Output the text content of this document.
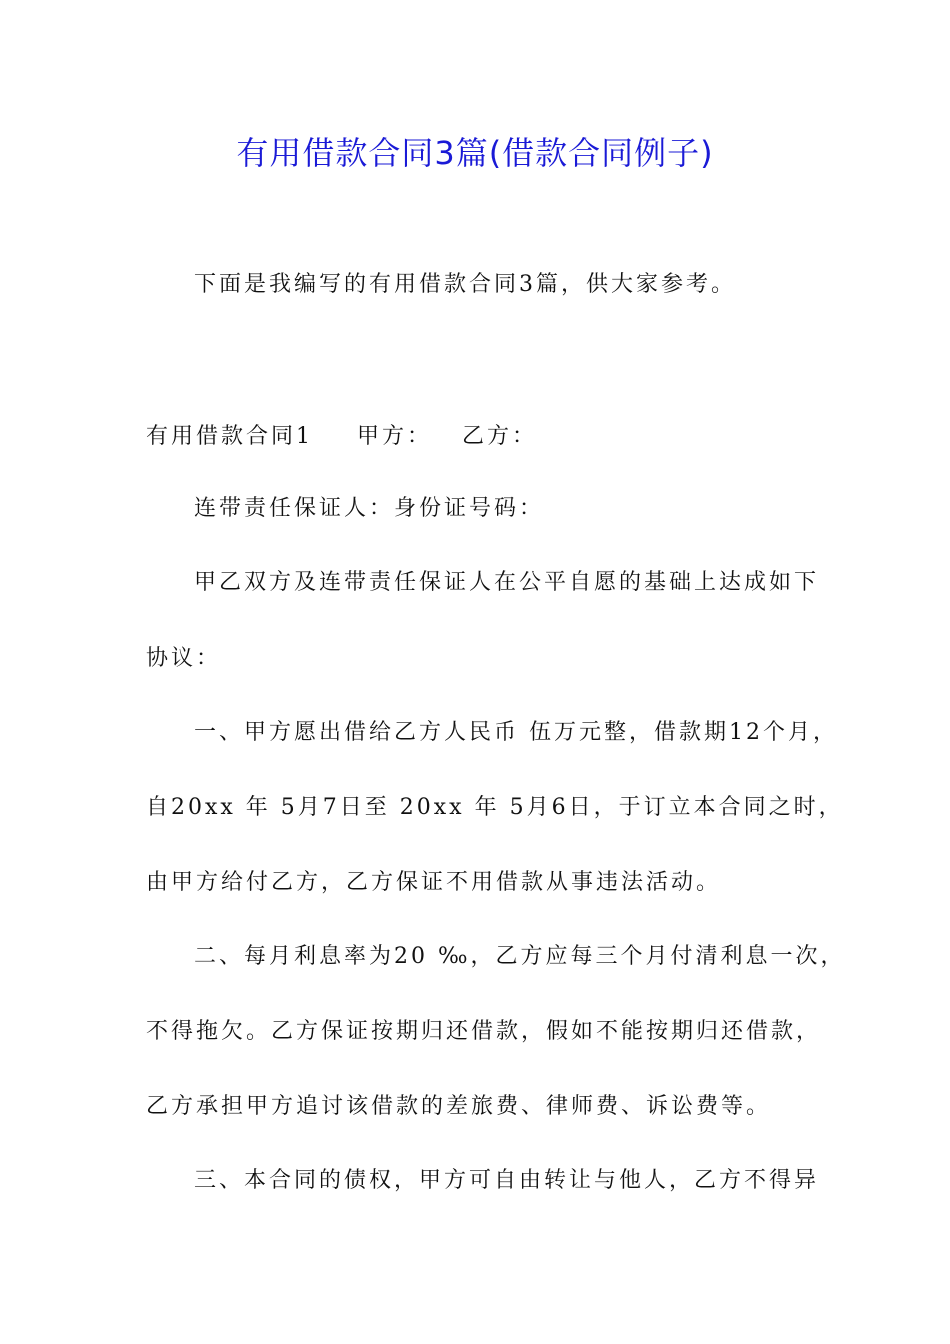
有用借款合同3篇(借款合同例子)
下面是我编写的有用借款合同3篇，供大家参考。
有用借款合同1 甲方： 乙方：
连带责任保证人：身份证号码：
甲乙双方及连带责任保证人在公平自愿的基础上达成如下
协议：
一、甲方愿出借给乙方人民币 伍万元整，借款期12个月，
自20xx 年 5月7日至 20xx 年 5月6日，于订立本合同之时，
由甲方给付乙方，乙方保证不用借款从事违法活动。
二、每月利息率为20 ‰，乙方应每三个月付清利息一次，
不得拖欠。乙方保证按期归还借款，假如不能按期归还借款，
乙方承担甲方追讨该借款的差旅费、律师费、诉讼费等。
三、本合同的债权，甲方可自由转让与他人，乙方不得异
